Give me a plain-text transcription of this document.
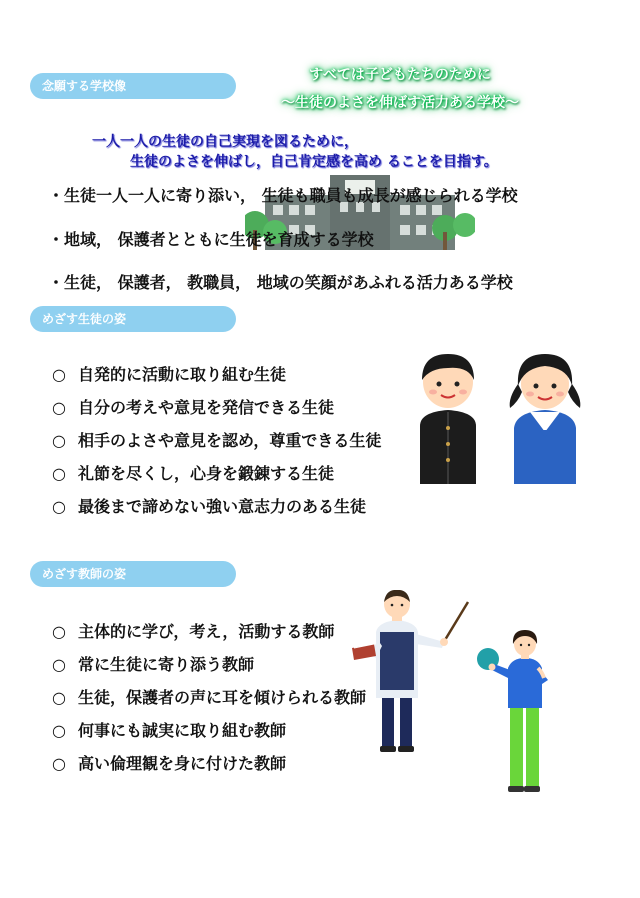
念願する学校像
めざす生徒の姿
めざす教師の姿
すべては子どもたちのために
〜生徒のよさを伸ばす活力ある学校〜
一人一人の生徒の自己実現を図るために，
生徒のよさを伸ばし，自己肯定感を高め ることを目指す。
・生徒一人一人に寄り添い， 生徒も職員も成長が感じられる学校
・地域， 保護者とともに生徒を育成する学校
・生徒， 保護者， 教職員， 地域の笑顔があふれる活力ある学校
○ 自発的に活動に取り組む生徒
○ 自分の考えや意見を発信できる生徒
○ 相手のよさや意見を認め，尊重できる生徒
○ 礼節を尽くし，心身を鍛錬する生徒
○ 最後まで諦めない強い意志力のある生徒
○ 主体的に学び，考え，活動する教師
○ 常に生徒に寄り添う教師
○ 生徒，保護者の声に耳を傾けられる教師
○ 何事にも誠実に取り組む教師
○ 高い倫理観を身に付けた教師
